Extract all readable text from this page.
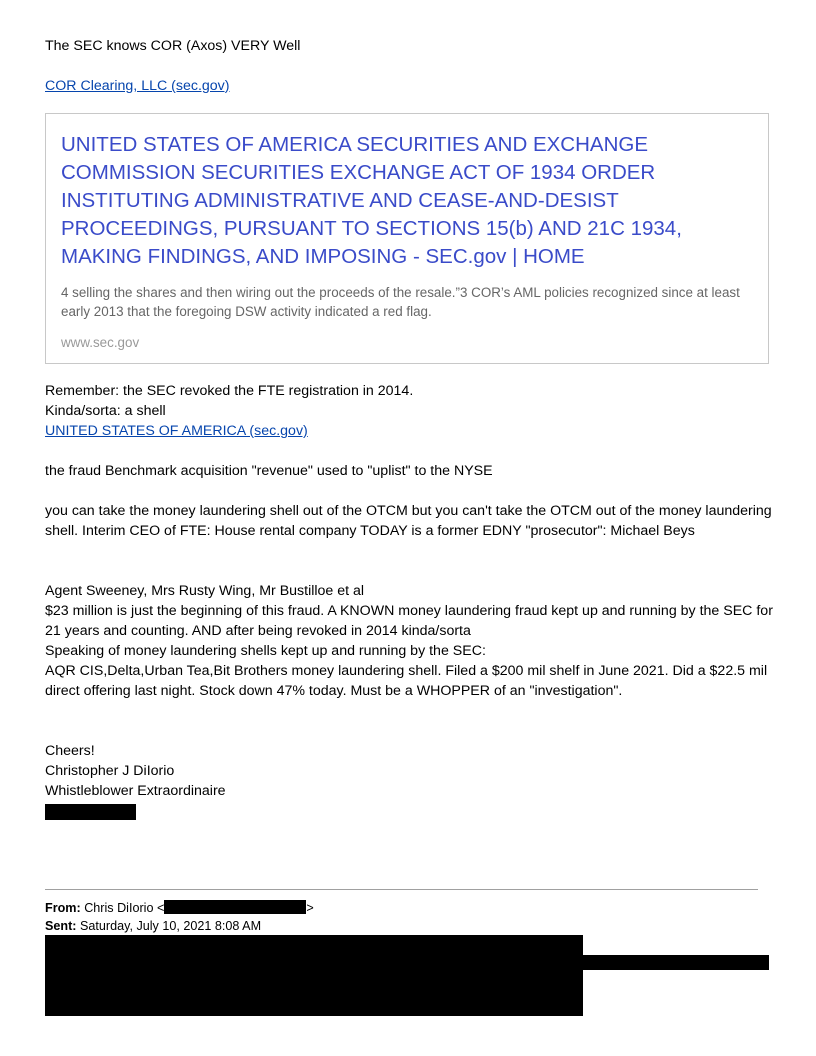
The SEC knows COR (Axos) VERY Well
COR Clearing, LLC (sec.gov)
UNITED STATES OF AMERICA SECURITIES AND EXCHANGE COMMISSION SECURITIES EXCHANGE ACT OF 1934 ORDER INSTITUTING ADMINISTRATIVE AND CEASE-AND-DESIST PROCEEDINGS, PURSUANT TO SECTIONS 15(b) AND 21C 1934, MAKING FINDINGS, AND IMPOSING - SEC.gov | HOME
4 selling the shares and then wiring out the proceeds of the resale.”3 COR’s AML policies recognized since at least early 2013 that the foregoing DSW activity indicated a red flag.
www.sec.gov
Remember: the SEC revoked the FTE registration in 2014.
Kinda/sorta: a shell
UNITED STATES OF AMERICA (sec.gov)
the fraud Benchmark acquisition "revenue" used to "uplist" to the NYSE
you can take the money laundering shell out of the OTCM but you can't take the OTCM out of the money laundering shell. Interim CEO of FTE: House rental company TODAY is a former EDNY "prosecutor": Michael Beys
Agent Sweeney, Mrs Rusty Wing, Mr Bustilloe et al
$23 million is just the beginning of this fraud. A KNOWN money laundering fraud kept up and running by the SEC for 21 years and counting. AND after being revoked in 2014 kinda/sorta
Speaking of money laundering shells kept up and running by the SEC:
AQR CIS,Delta,Urban Tea,Bit Brothers money laundering shell. Filed a $200 mil shelf in June 2021. Did a $22.5 mil direct offering last night. Stock down 47% today. Must be a WHOPPER of an "investigation".
Cheers!
Christopher J DiIorio
Whistleblower Extraordinaire
From: Chris DiIorio <	>
Sent: Saturday, July 10, 2021 8:08 AM
